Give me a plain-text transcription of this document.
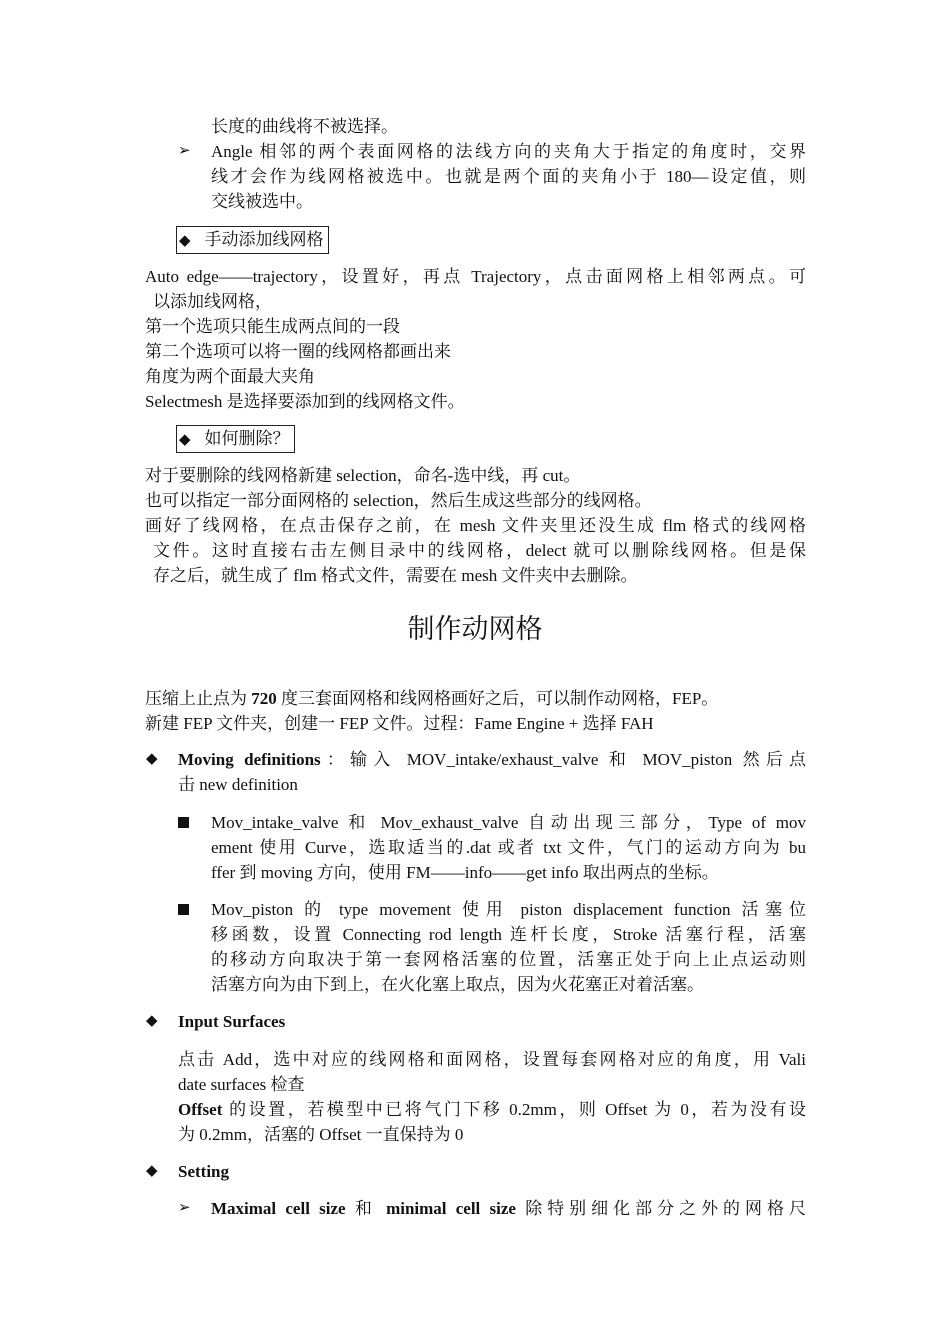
长度的曲线将不被选择。
➢ Angle 相邻的两个表面网格的法线方向的夹角大于指定的角度时，交界
线才会作为线网格被选中。也就是两个面的夹角小于 180—设定值，则
交线被选中。
◆ 手动添加线网格
Auto edge——trajectory，设置好，再点 Trajectory，点击面网格上相邻两点。可
以添加线网格，
第一个选项只能生成两点间的一段
第二个选项可以将一圈的线网格都画出来
角度为两个面最大夹角
Selectmesh 是选择要添加到的线网格文件。
◆ 如何删除？
对于要删除的线网格新建 selection，命名-选中线，再 cut。
也可以指定一部分面网格的 selection，然后生成这些部分的线网格。
画好了线网格，在点击保存之前，在 mesh 文件夹里还没生成 flm 格式的线网格
文件。这时直接右击左侧目录中的线网格，delect 就可以删除线网格。但是保
存之后，就生成了 flm 格式文件，需要在 mesh 文件夹中去删除。
制作动网格
压缩上止点为 720 度三套面网格和线网格画好之后，可以制作动网格，FEP。
新建 FEP 文件夹，创建一 FEP 文件。过程：Fame Engine + 选择 FAH
◆ Moving definitions：输入 MOV_intake/exhaust_valve 和 MOV_piston 然后点
击 new definition
Mov_intake_valve 和 Mov_exhaust_valve 自动出现三部分，Type of mov
ement 使用 Curve，选取适当的.dat 或者 txt 文件，气门的运动方向为 bu
ffer 到 moving 方向，使用 FM——info——get info 取出两点的坐标。
Mov_piston 的 type movement 使用 piston displacement function 活塞位
移函数，设置 Connecting rod length 连杆长度，Stroke 活塞行程，活塞
的移动方向取决于第一套网格活塞的位置，活塞正处于向上止点运动则
活塞方向为由下到上，在火化塞上取点，因为火花塞正对着活塞。
◆ Input Surfaces
点击 Add，选中对应的线网格和面网格，设置每套网格对应的角度，用 Vali
date surfaces 检查
Offset 的设置，若模型中已将气门下移 0.2mm，则 Offset 为 0，若为没有设
为 0.2mm，活塞的 Offset 一直保持为 0
◆ Setting
➢ Maximal cell size 和 minimal cell size 除特别细化部分之外的网格尺
